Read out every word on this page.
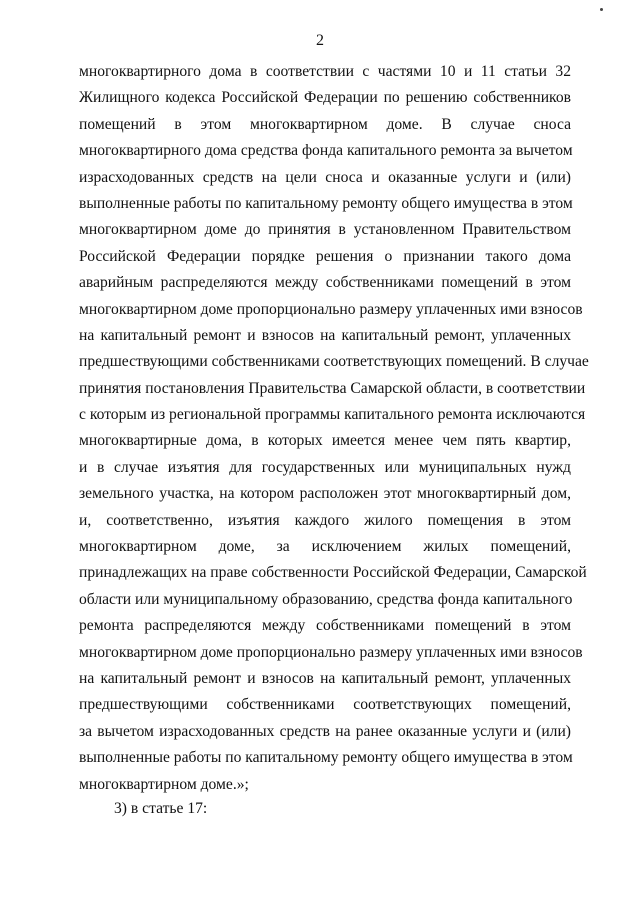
2
многоквартирного дома в соответствии с частями 10 и 11 статьи 32
Жилищного кодекса Российской Федерации по решению собственников
помещений в этом многоквартирном доме. В случае сноса
многоквартирного дома средства фонда капитального ремонта за вычетом
израсходованных средств на цели сноса и оказанные услуги и (или)
выполненные работы по капитальному ремонту общего имущества в этом
многоквартирном доме до принятия в установленном Правительством
Российской Федерации порядке решения о признании такого дома
аварийным распределяются между собственниками помещений в этом
многоквартирном доме пропорционально размеру уплаченных ими взносов
на капитальный ремонт и взносов на капитальный ремонт, уплаченных
предшествующими собственниками соответствующих помещений. В случае
принятия постановления Правительства Самарской области, в соответствии
с которым из региональной программы капитального ремонта исключаются
многоквартирные дома, в которых имеется менее чем пять квартир,
и в случае изъятия для государственных или муниципальных нужд
земельного участка, на котором расположен этот многоквартирный дом,
и, соответственно, изъятия каждого жилого помещения в этом
многоквартирном доме, за исключением жилых помещений,
принадлежащих на праве собственности Российской Федерации, Самарской
области или муниципальному образованию, средства фонда капитального
ремонта распределяются между собственниками помещений в этом
многоквартирном доме пропорционально размеру уплаченных ими взносов
на капитальный ремонт и взносов на капитальный ремонт, уплаченных
предшествующими собственниками соответствующих помещений,
за вычетом израсходованных средств на ранее оказанные услуги и (или)
выполненные работы по капитальному ремонту общего имущества в этом
многоквартирном доме.»;
3) в статье 17:
